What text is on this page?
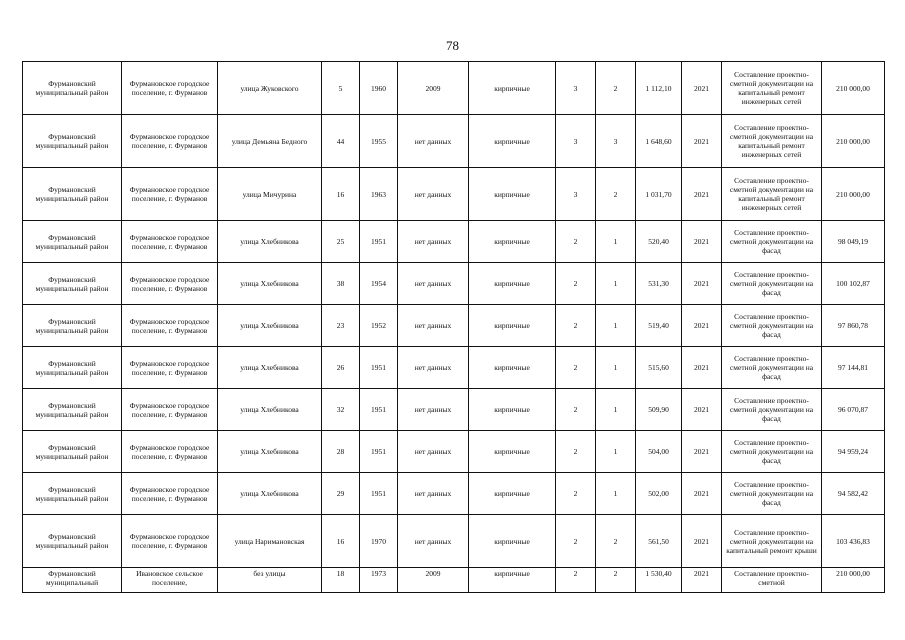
78
Фурмановский муниципальный район	Фурмановское городское поселение, г. Фурманов	улица Жуковского	5	1960	2009	кирпичные	3	2	1 112,10	2021	Составление проектно-сметной документации на капитальный ремонт инженерных сетей	210 000,00
Фурмановский муниципальный район	Фурмановское городское поселение, г. Фурманов	улица Демьяна Бедного	44	1955	нет данных	кирпичные	3	3	1 648,60	2021	Составление проектно-сметной документации на капитальный ремонт инженерных сетей	210 000,00
Фурмановский муниципальный район	Фурмановское городское поселение, г. Фурманов	улица Мичурина	16	1963	нет данных	кирпичные	3	2	1 031,70	2021	Составление проектно-сметной документации на капитальный ремонт инженерных сетей	210 000,00
Фурмановский муниципальный район	Фурмановское городское поселение, г. Фурманов	улица Хлебникова	25	1951	нет данных	кирпичные	2	1	520,40	2021	Составление проектно-сметной документации на фасад	98 049,19
Фурмановский муниципальный район	Фурмановское городское поселение, г. Фурманов	улица Хлебникова	38	1954	нет данных	кирпичные	2	1	531,30	2021	Составление проектно-сметной документации на фасад	100 102,87
Фурмановский муниципальный район	Фурмановское городское поселение, г. Фурманов	улица Хлебникова	23	1952	нет данных	кирпичные	2	1	519,40	2021	Составление проектно-сметной документации на фасад	97 860,78
Фурмановский муниципальный район	Фурмановское городское поселение, г. Фурманов	улица Хлебникова	26	1951	нет данных	кирпичные	2	1	515,60	2021	Составление проектно-сметной документации на фасад	97 144,81
Фурмановский муниципальный район	Фурмановское городское поселение, г. Фурманов	улица Хлебникова	32	1951	нет данных	кирпичные	2	1	509,90	2021	Составление проектно-сметной документации на фасад	96 070,87
Фурмановский муниципальный район	Фурмановское городское поселение, г. Фурманов	улица Хлебникова	28	1951	нет данных	кирпичные	2	1	504,00	2021	Составление проектно-сметной документации на фасад	94 959,24
Фурмановский муниципальный район	Фурмановское городское поселение, г. Фурманов	улица Хлебникова	29	1951	нет данных	кирпичные	2	1	502,00	2021	Составление проектно-сметной документации на фасад	94 582,42
Фурмановский муниципальный район	Фурмановское городское поселение, г. Фурманов	улица Наримановская	16	1970	нет данных	кирпичные	2	2	561,50	2021	Составление проектно-сметной документации на капитальный ремонт крыши	103 436,83
Фурмановский муниципальный	Ивановское сельское поселение,	без улицы	18	1973	2009	кирпичные	2	2	1 530,40	2021	Составление проектно-сметной	210 000,00
